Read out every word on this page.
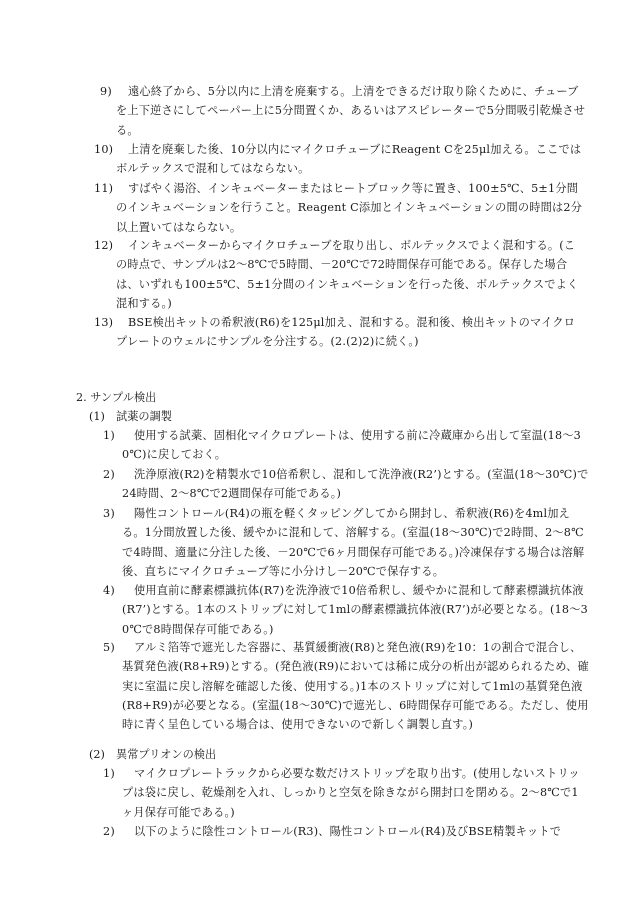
9)	遠心終了から、5分以内に上清を廃棄する。上清をできるだけ取り除くために、チューブを上下逆さにしてペーパー上に5分間置くか、あるいはアスピレーターで5分間吸引乾燥させる。
10)	上清を廃棄した後、10分以内にマイクロチューブにReagent Cを25μl加える。ここではボルテックスで混和してはならない。
11)	すばやく湯浴、インキュベーターまたはヒートブロック等に置き、100±5℃、5±1分間のインキュベーションを行うこと。Reagent C添加とインキュベーションの間の時間は2分以上置いてはならない。
12)	インキュベーターからマイクロチューブを取り出し、ボルテックスでよく混和する。(この時点で、サンプルは2～8℃で5時間、－20℃で72時間保存可能である。保存した場合は、いずれも100±5℃、5±1分間のインキュベーションを行った後、ボルテックスでよく混和する。)
13)	BSE検出キットの希釈液(R6)を125μl加え、混和する。混和後、検出キットのマイクロプレートのウェルにサンプルを分注する。(2.(2)2)に続く。)
2. サンプル検出
(1)　試薬の調製
1)	使用する試薬、固相化マイクロプレートは、使用する前に冷蔵庫から出して室温(18～30℃)に戻しておく。
2)	洗浄原液(R2)を精製水で10倍希釈し、混和して洗浄液(R2’)とする。(室温(18～30℃)で24時間、2～8℃で2週間保存可能である。)
3)	陽性コントロール(R4)の瓶を軽くタッピングしてから開封し、希釈液(R6)を4ml加える。1分間放置した後、緩やかに混和して、溶解する。(室温(18～30℃)で2時間、2～8℃で4時間、適量に分注した後、－20℃で6ヶ月間保存可能である。)冷凍保存する場合は溶解後、直ちにマイクロチューブ等に小分けし－20℃で保存する。
4)	使用直前に酵素標識抗体(R7)を洗浄液で10倍希釈し、緩やかに混和して酵素標識抗体液(R7’)とする。1本のストリップに対して1mlの酵素標識抗体液(R7’)が必要となる。(18～30℃で8時間保存可能である。)
5)	アルミ箔等で遮光した容器に、基質緩衝液(R8)と発色液(R9)を10：1の割合で混合し、基質発色液(R8+R9)とする。(発色液(R9)においては稀に成分の析出が認められるため、確実に室温に戻し溶解を確認した後、使用する。)1本のストリップに対して1mlの基質発色液(R8+R9)が必要となる。(室温(18～30℃)で遮光し、6時間保存可能である。ただし、使用時に青く呈色している場合は、使用できないので新しく調製し直す。)
(2)　異常プリオンの検出
1)	マイクロプレートラックから必要な数だけストリップを取り出す。(使用しないストリップは袋に戻し、乾燥剤を入れ、しっかりと空気を除きながら開封口を閉める。2～8℃で1ヶ月保存可能である。)
2)	以下のように陰性コントロール(R3)、陽性コントロール(R4)及びBSE精製キットで
